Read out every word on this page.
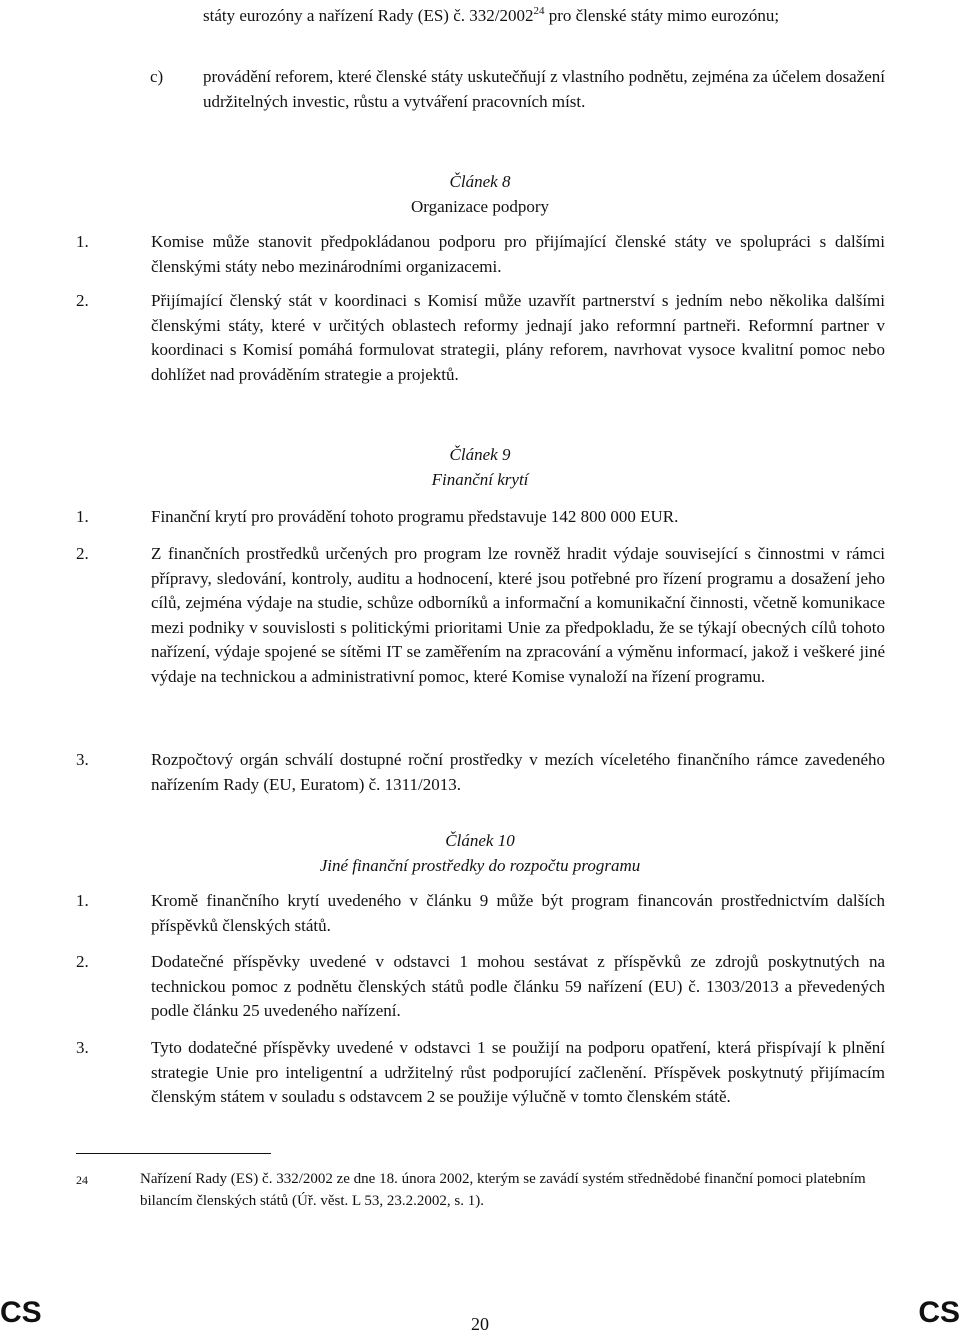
státy eurozóny a nařízení Rady (ES) č. 332/2002$^{24}$ pro členské státy mimo eurozónu;
c) provádění reforem, které členské státy uskutečňují z vlastního podnětu, zejména za účelem dosažení udržitelných investic, růstu a vytváření pracovních míst.
Článek 8
Organizace podpory
1.	Komise může stanovit předpokládanou podporu pro přijímající členské státy ve spolupráci s dalšími členskými státy nebo mezinárodními organizacemi.
2.	Přijímající členský stát v koordinaci s Komisí může uzavřít partnerství s jedním nebo několika dalšími členskými státy, které v určitých oblastech reformy jednají jako reformní partneři. Reformní partner v koordinaci s Komisí pomáhá formulovat strategii, plány reforem, navrhovat vysoce kvalitní pomoc nebo dohlížet nad prováděním strategie a projektů.
Článek 9
Finanční krytí
1.	Finanční krytí pro provádění tohoto programu představuje 142 800 000 EUR.
2.	Z finančních prostředků určených pro program lze rovněž hradit výdaje související s činnostmi v rámci přípravy, sledování, kontroly, auditu a hodnocení, které jsou potřebné pro řízení programu a dosažení jeho cílů, zejména výdaje na studie, schůze odborníků a informační a komunikační činnosti, včetně komunikace mezi podniky v souvislosti s politickými prioritami Unie za předpokladu, že se týkají obecných cílů tohoto nařízení, výdaje spojené se sítěmi IT se zaměřením na zpracování a výměnu informací, jakož i veškeré jiné výdaje na technickou a administrativní pomoc, které Komise vynaloží na řízení programu.
3.	Rozpočtový orgán schválí dostupné roční prostředky v mezích víceletého finančního rámce zavedeného nařízením Rady (EU, Euratom) č. 1311/2013.
Článek 10
Jiné finanční prostředky do rozpočtu programu
1.	Kromě finančního krytí uvedeného v článku 9 může být program financován prostřednictvím dalších příspěvků členských států.
2.	Dodatečné příspěvky uvedené v odstavci 1 mohou sestávat z příspěvků ze zdrojů poskytnutých na technickou pomoc z podnětu členských států podle článku 59 nařízení (EU) č. 1303/2013 a převedených podle článku 25 uvedeného nařízení.
3.	Tyto dodatečné příspěvky uvedené v odstavci 1 se použijí na podporu opatření, která přispívají k plnění strategie Unie pro inteligentní a udržitelný růst podporující začlenění. Příspěvek poskytnutý přijímacím členským státem v souladu s odstavcem 2 se použije výlučně v tomto členském státě.
24	Nařízení Rady (ES) č. 332/2002 ze dne 18. února 2002, kterým se zavádí systém střednědobé finanční pomoci platebním bilancím členských států (Úř. věst. L 53, 23.2.2002, s. 1).
CS	20	CS
